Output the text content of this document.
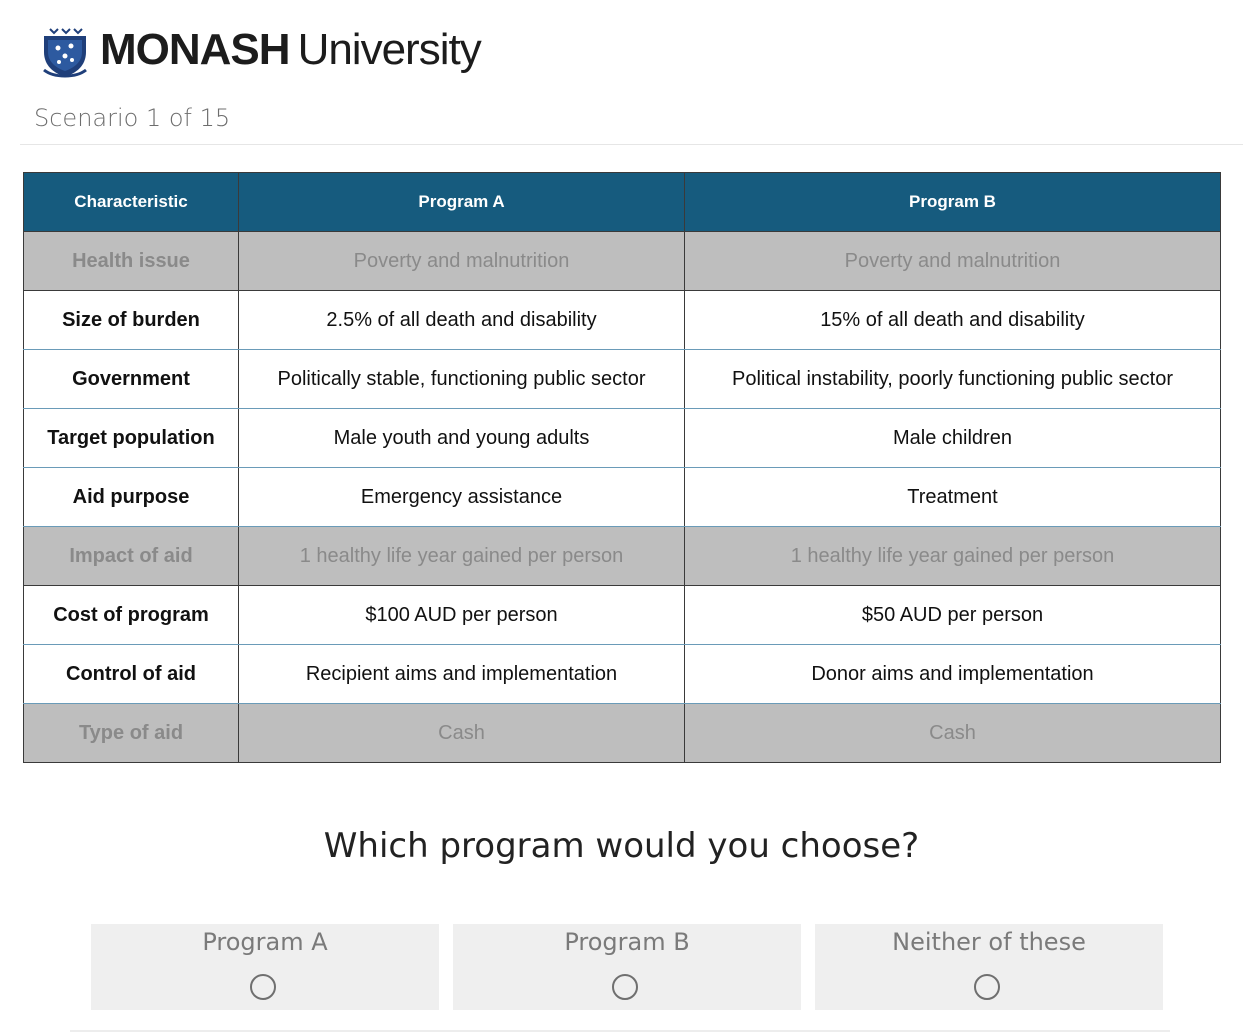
MONASH University
Scenario 1 of 15
Characteristic	Program A	Program B
Health issue	Poverty and malnutrition	Poverty and malnutrition
Size of burden	2.5% of all death and disability	15% of all death and disability
Government	Politically stable, functioning public sector	Political instability, poorly functioning public sector
Target population	Male youth and young adults	Male children
Aid purpose	Emergency assistance	Treatment
Impact of aid	1 healthy life year gained per person	1 healthy life year gained per person
Cost of program	$100 AUD per person	$50 AUD per person
Control of aid	Recipient aims and implementation	Donor aims and implementation
Type of aid	Cash	Cash
Which program would you choose?
Program A	Program B	Neither of these
